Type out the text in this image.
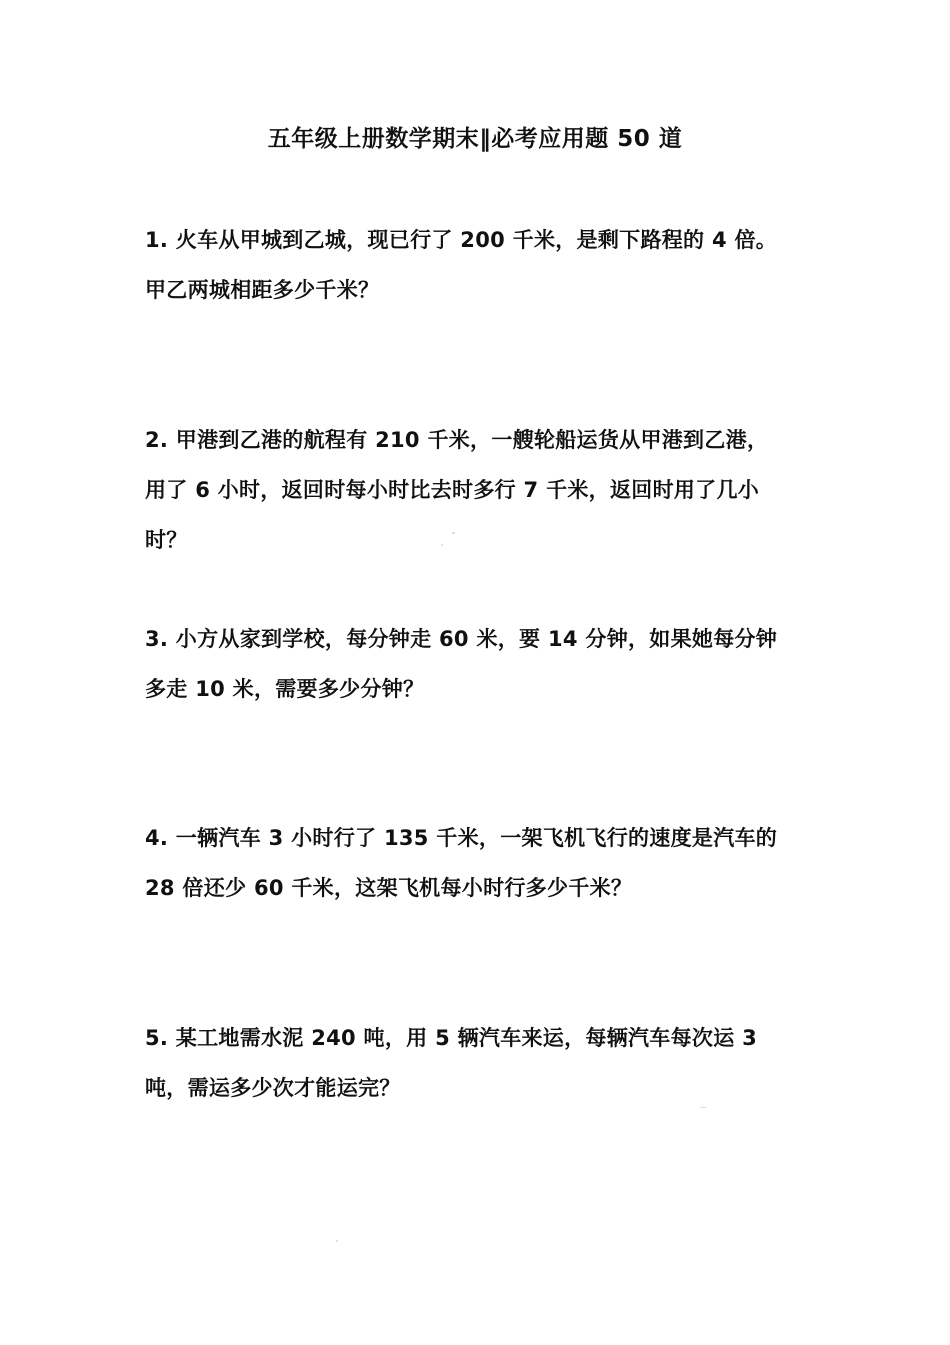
五年级上册数学期末‖必考应用题 50 道
1. 火车从甲城到乙城，现已行了 200 千米，是剩下路程的 4 倍。
甲乙两城相距多少千米？
2. 甲港到乙港的航程有 210 千米，一艘轮船运货从甲港到乙港，
用了 6 小时，返回时每小时比去时多行 7 千米，返回时用了几小
时？
3. 小方从家到学校，每分钟走 60 米，要 14 分钟，如果她每分钟
多走 10 米，需要多少分钟？
4. 一辆汽车 3 小时行了 135 千米，一架飞机飞行的速度是汽车的
28 倍还少 60 千米，这架飞机每小时行多少千米？
5. 某工地需水泥 240 吨，用 5 辆汽车来运，每辆汽车每次运 3
吨，需运多少次才能运完？
